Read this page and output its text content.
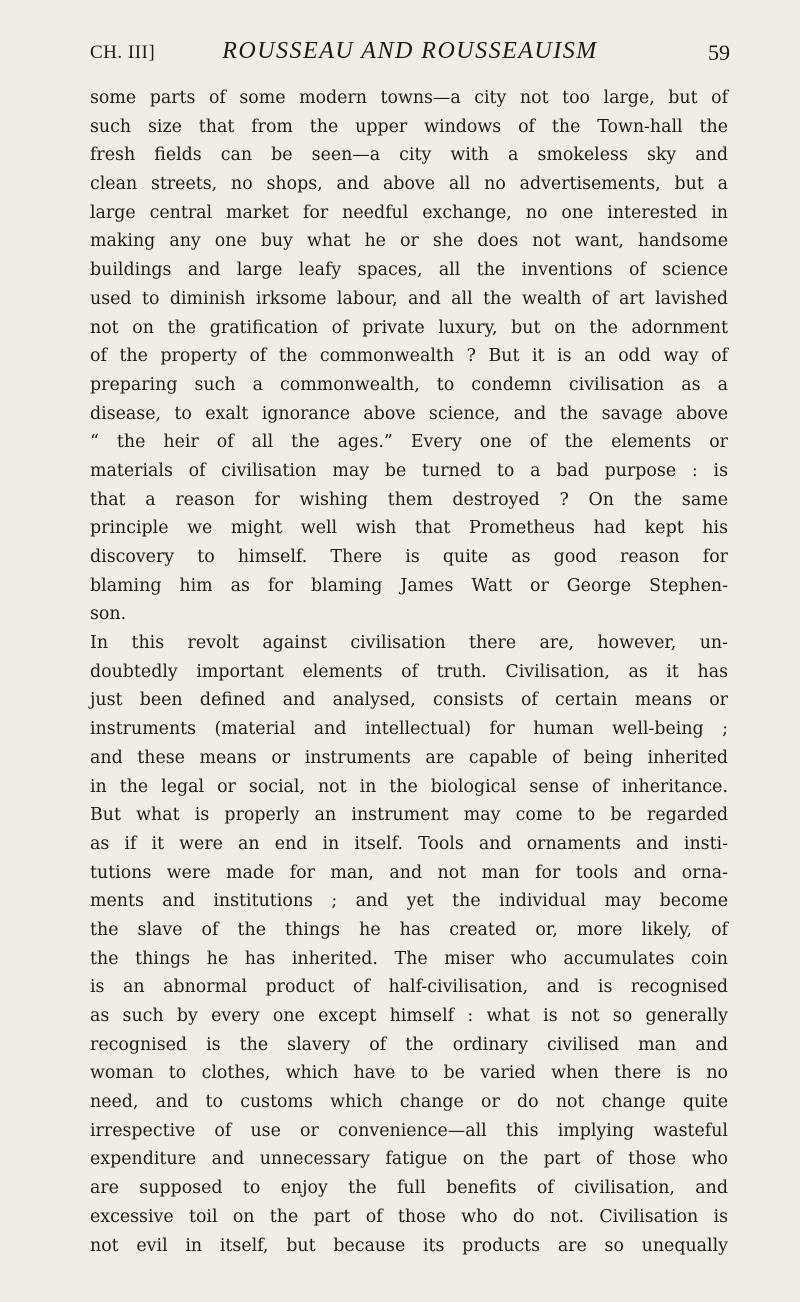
CH. III]	ROUSSEAU AND ROUSSEAUISM	59
some parts of some modern towns—a city not too large, but of
such size that from the upper windows of the Town-hall the
fresh fields can be seen—a city with a smokeless sky and
clean streets, no shops, and above all no advertisements, but a
large central market for needful exchange, no one interested in
making any one buy what he or she does not want, handsome
buildings and large leafy spaces, all the inventions of science
used to diminish irksome labour, and all the wealth of art lavished
not on the gratification of private luxury, but on the adornment
of the property of the commonwealth ? But it is an odd way of
preparing such a commonwealth, to condemn civilisation as a
disease, to exalt ignorance above science, and the savage above
“ the heir of all the ages.” Every one of the elements or
materials of civilisation may be turned to a bad purpose : is
that a reason for wishing them destroyed ? On the same
principle we might well wish that Prometheus had kept his
discovery to himself. There is quite as good reason for
blaming him as for blaming James Watt or George Stephen-
son.
In this revolt against civilisation there are, however, un-
doubtedly important elements of truth. Civilisation, as it has
just been defined and analysed, consists of certain means or
instruments (material and intellectual) for human well-being ;
and these means or instruments are capable of being inherited
in the legal or social, not in the biological sense of inheritance.
But what is properly an instrument may come to be regarded
as if it were an end in itself. Tools and ornaments and insti-
tutions were made for man, and not man for tools and orna-
ments and institutions ; and yet the individual may become
the slave of the things he has created or, more likely, of
the things he has inherited. The miser who accumulates coin
is an abnormal product of half-civilisation, and is recognised
as such by every one except himself : what is not so generally
recognised is the slavery of the ordinary civilised man and
woman to clothes, which have to be varied when there is no
need, and to customs which change or do not change quite
irrespective of use or convenience—all this implying wasteful
expenditure and unnecessary fatigue on the part of those who
are supposed to enjoy the full benefits of civilisation, and
excessive toil on the part of those who do not. Civilisation is
not evil in itself, but because its products are so unequally
